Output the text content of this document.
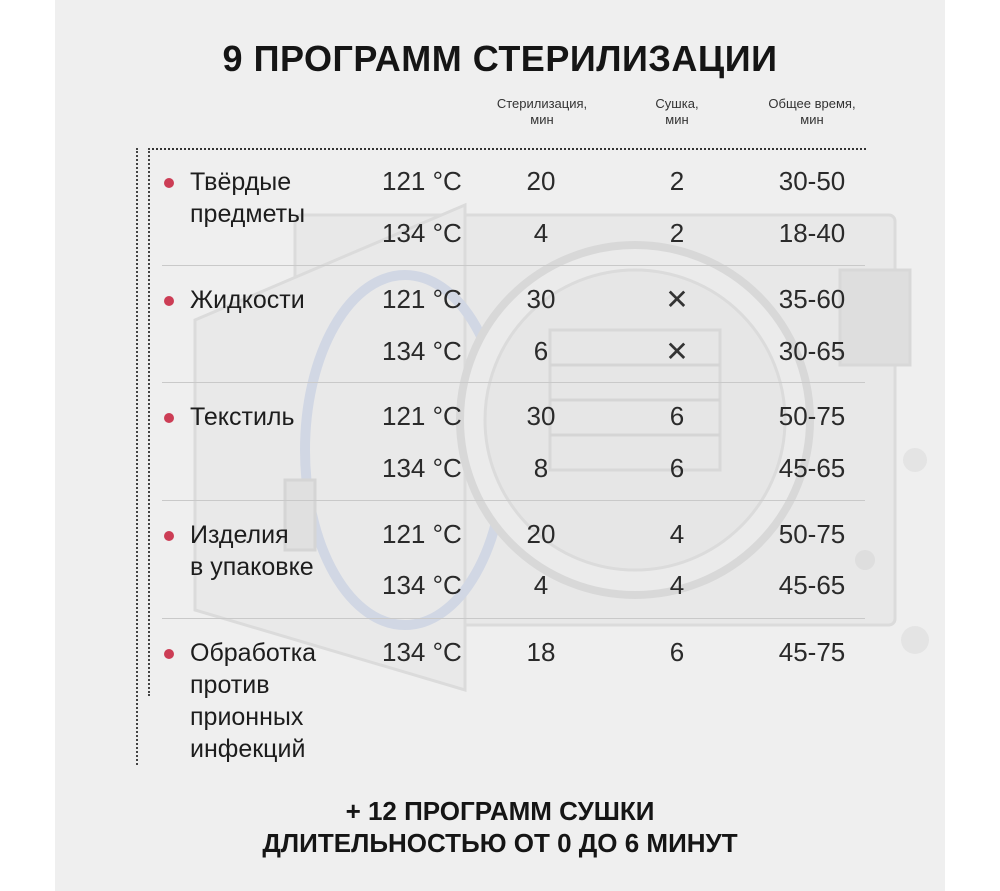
9 ПРОГРАММ СТЕРИЛИЗАЦИИ
Стерилизация,
мин
Сушка,
мин
Общее время,
мин
Твёрдые
предметы
121 °C	20	2	30-50
134 °C	4	2	18-40
Жидкости	121 °C	30	✕	35-60
134 °C	6	✕	30-65
Текстиль	121 °C	30	6	50-75
134 °C	8	6	45-65
Изделия
в упаковке
121 °C	20	4	50-75
134 °C	4	4	45-65
Обработка
против
прионных
инфекций
134 °C	18	6	45-75
+ 12 ПРОГРАММ СУШКИ
ДЛИТЕЛЬНОСТЬЮ ОТ 0 ДО 6 МИНУТ
